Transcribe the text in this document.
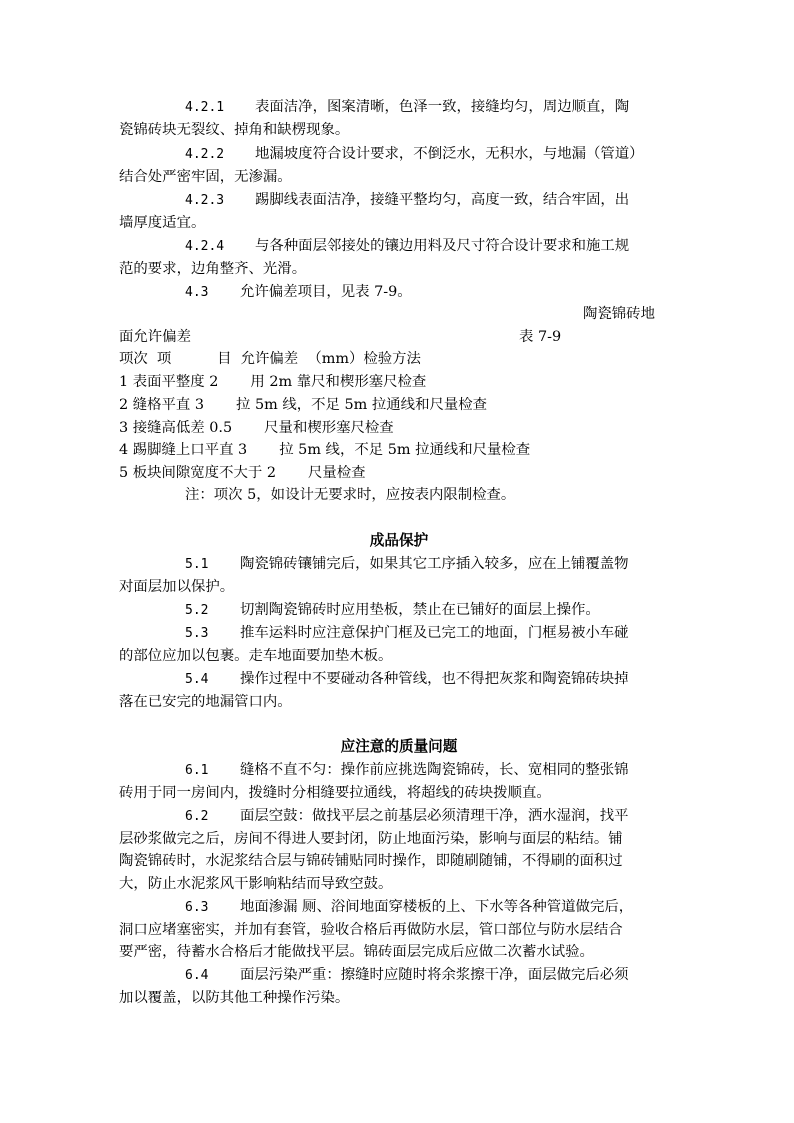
4.2.1 表面洁净，图案清晰，色泽一致，接缝均匀，周边顺直，陶
瓷锦砖块无裂纹、掉角和缺楞现象。
4.2.2 地漏坡度符合设计要求，不倒泛水，无积水，与地漏（管道）
结合处严密牢固，无渗漏。
4.2.3 踢脚线表面洁净，接缝平整均匀，高度一致，结合牢固，出
墙厚度适宜。
4.2.4 与各种面层邻接处的镶边用料及尺寸符合设计要求和施工规
范的要求，边角整齐、光滑。
4.3 允许偏差项目，见表 7-9。
陶瓷锦砖地
面允许偏差	表 7-9
项次  项          目  允许偏差  （mm）检验方法
1 表面平整度 2       用 2m 靠尺和楔形塞尺检查
2 缝格平直 3       拉 5m 线，不足 5m 拉通线和尺量检查
3 接缝高低差 0.5       尺量和楔形塞尺检查
4 踢脚缝上口平直 3       拉 5m 线，不足 5m 拉通线和尺量检查
5 板块间隙宽度不大于 2       尺量检查
注：项次 5，如设计无要求时，应按表内限制检查。
成品保护
5.1 陶瓷锦砖镶铺完后，如果其它工序插入较多，应在上铺覆盖物
对面层加以保护。
5.2 切割陶瓷锦砖时应用垫板，禁止在已铺好的面层上操作。
5.3 推车运料时应注意保护门框及已完工的地面，门框易被小车碰
的部位应加以包裹。走车地面要加垫木板。
5.4 操作过程中不要碰动各种管线，也不得把灰浆和陶瓷锦砖块掉
落在已安完的地漏管口内。
应注意的质量问题
6.1 缝格不直不匀：操作前应挑选陶瓷锦砖，长、宽相同的整张锦
砖用于同一房间内，拨缝时分相缝要拉通线，将超线的砖块拨顺直。
6.2 面层空鼓：做找平层之前基层必须清理干净，洒水湿润，找平
层砂浆做完之后，房间不得进人要封闭，防止地面污染，影响与面层的粘结。铺
陶瓷锦砖时，水泥浆结合层与锦砖铺贴同时操作，即随刷随铺，不得刷的面积过
大，防止水泥浆风干影响粘结而导致空鼓。
6.3 地面渗漏 厕、浴间地面穿楼板的上、下水等各种管道做完后，
洞口应堵塞密实，并加有套管，验收合格后再做防水层，管口部位与防水层结合
要严密，待蓄水合格后才能做找平层。锦砖面层完成后应做二次蓄水试验。
6.4 面层污染严重：擦缝时应随时将余浆擦干净，面层做完后必须
加以覆盖，以防其他工种操作污染。
